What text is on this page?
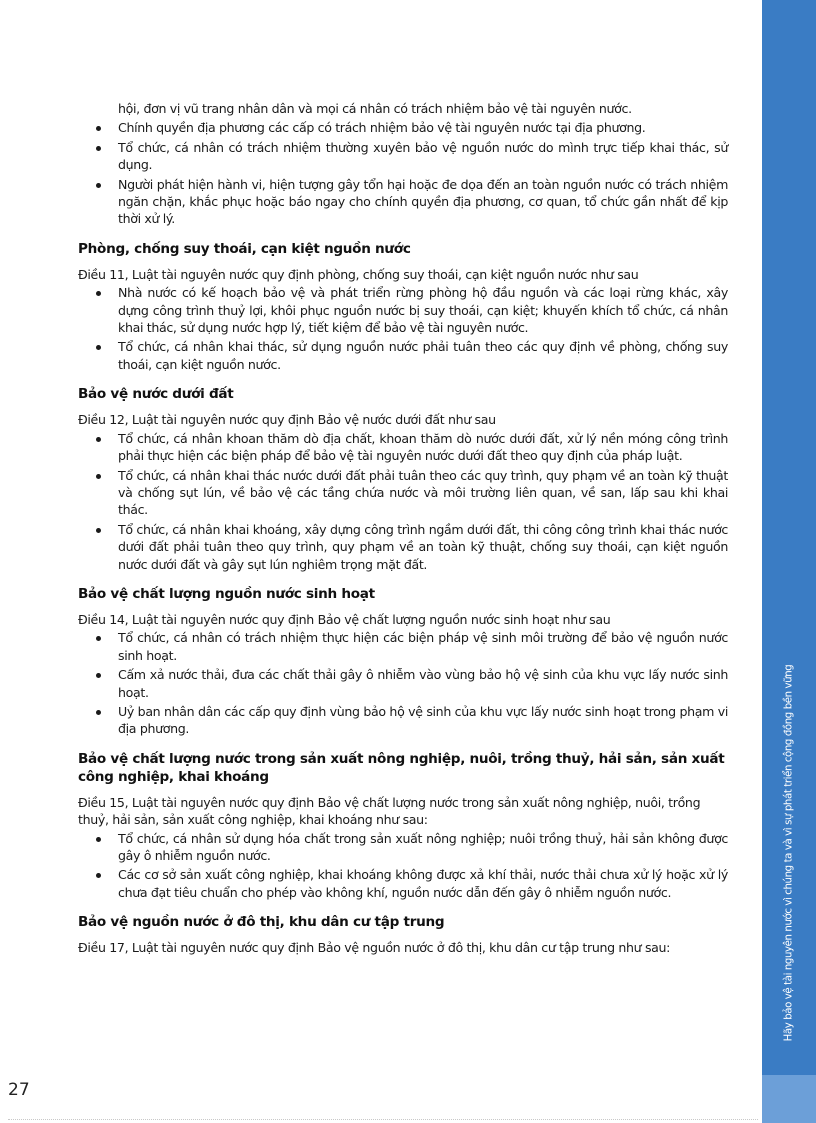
Hãy bảo vệ tài nguyên nước vì chúng ta và vì sự phát triển cộng đồng bền vững

hội, đơn vị vũ trang nhân dân và mọi cá nhân có trách nhiệm bảo vệ tài nguyên nước.

Chính quyền địa phương các cấp có trách nhiệm bảo vệ tài nguyên nước tại địa phương.
Tổ chức, cá nhân có trách nhiệm thường xuyên bảo vệ nguồn nước do mình trực tiếp khai thác, sử dụng.
Người phát hiện hành vi, hiện tượng gây tổn hại hoặc đe dọa đến an toàn nguồn nước có trách nhiệm ngăn chặn, khắc phục hoặc báo ngay cho chính quyền địa phương, cơ quan, tổ chức gần nhất để kịp thời xử lý.
Phòng, chống suy thoái, cạn kiệt nguồn nước

Điều 11, Luật tài nguyên nước quy định phòng, chống suy thoái, cạn kiệt nguồn nước như sau

Nhà nước có kế hoạch bảo vệ và phát triển rừng phòng hộ đầu nguồn và các loại rừng khác, xây dựng công trình thuỷ lợi, khôi phục nguồn nước bị suy thoái, cạn kiệt; khuyến khích tổ chức, cá nhân khai thác, sử dụng nước hợp lý, tiết kiệm để bảo vệ tài nguyên nước.
Tổ chức, cá nhân khai thác, sử dụng nguồn nước phải tuân theo các quy định về phòng, chống suy thoái, cạn kiệt nguồn nước.
Bảo vệ nước dưới đất

Điều 12, Luật tài nguyên nước quy định Bảo vệ nước dưới đất như sau

Tổ chức, cá nhân khoan thăm dò địa chất, khoan thăm dò nước dưới đất, xử lý nền móng công trình phải thực hiện các biện pháp để bảo vệ tài nguyên nước dưới đất theo quy định của pháp luật.
Tổ chức, cá nhân khai thác nước dưới đất phải tuân theo các quy trình, quy phạm về an toàn kỹ thuật và chống sụt lún, về bảo vệ các tầng chứa nước và môi trường liên quan, về san, lấp sau khi khai thác.
Tổ chức, cá nhân khai khoáng, xây dựng công trình ngầm dưới đất, thi công công trình khai thác nước dưới đất phải tuân theo quy trình, quy phạm về an toàn kỹ thuật, chống suy thoái, cạn kiệt nguồn nước dưới đất và gây sụt lún nghiêm trọng mặt đất.
Bảo vệ chất lượng nguồn nước sinh hoạt

Điều 14, Luật tài nguyên nước quy định Bảo vệ chất lượng nguồn nước sinh hoạt như sau

Tổ chức, cá nhân có trách nhiệm thực hiện các biện pháp vệ sinh môi trường để bảo vệ nguồn nước sinh hoạt.
Cấm xả nước thải, đưa các chất thải gây ô nhiễm vào vùng bảo hộ vệ sinh của khu vực lấy nước sinh hoạt.
Uỷ ban nhân dân các cấp quy định vùng bảo hộ vệ sinh của khu vực lấy nước sinh hoạt trong phạm vi địa phương.
Bảo vệ chất lượng nước trong sản xuất nông nghiệp, nuôi, trồng thuỷ, hải sản, sản xuất công nghiệp, khai khoáng

Điều 15, Luật tài nguyên nước quy định Bảo vệ chất lượng nước trong sản xuất nông nghiệp, nuôi, trồng thuỷ, hải sản, sản xuất công nghiệp, khai khoáng như sau:

Tổ chức, cá nhân sử dụng hóa chất trong sản xuất nông nghiệp; nuôi trồng thuỷ, hải sản không được gây ô nhiễm nguồn nước.
Các cơ sở sản xuất công nghiệp, khai khoáng không được xả khí thải, nước thải chưa xử lý hoặc xử lý chưa đạt tiêu chuẩn cho phép vào không khí, nguồn nước dẫn đến gây ô nhiễm nguồn nước.
Bảo vệ nguồn nước ở đô thị, khu dân cư tập trung

Điều 17, Luật tài nguyên nước quy định Bảo vệ nguồn nước ở đô thị, khu dân cư tập trung như sau:

27
